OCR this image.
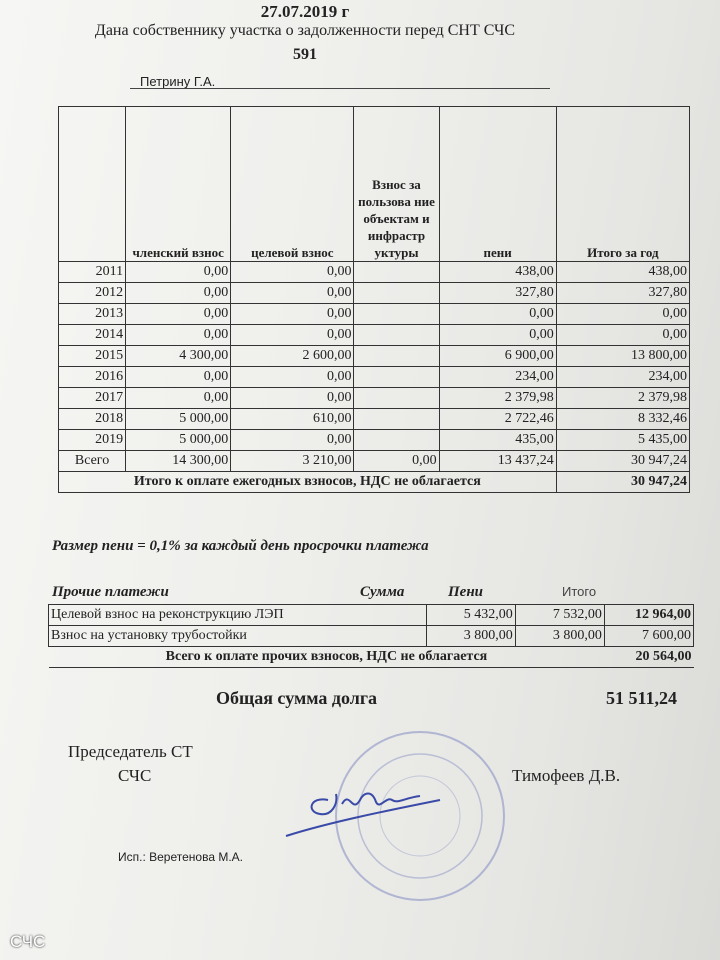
27.07.2019 г
Дана собственнику участка о задолженности перед СНТ СЧС
591
Петрину Г.А.
	членский взнос	целевой взнос	Взнос за пользова ние объектам и инфрастр уктуры	пени	Итого за год
2011	0,00	0,00		438,00	438,00
2012	0,00	0,00		327,80	327,80
2013	0,00	0,00		0,00	0,00
2014	0,00	0,00		0,00	0,00
2015	4 300,00	2 600,00		6 900,00	13 800,00
2016	0,00	0,00		234,00	234,00
2017	0,00	0,00		2 379,98	2 379,98
2018	5 000,00	610,00		2 722,46	8 332,46
2019	5 000,00	0,00		435,00	5 435,00
Всего	14 300,00	3 210,00	0,00	13 437,24	30 947,24
Итого к оплате ежегодных взносов, НДС не облагается					30 947,24
Размер пени = 0,1% за каждый день просрочки платежа
Прочие платежи	Сумма	Пени	Итого
Целевой взнос на реконструкцию ЛЭП	5 432,00	7 532,00	12 964,00
Взнос на установку трубостойки	3 800,00	3 800,00	7 600,00
Всего к оплате прочих взносов, НДС не облагается			20 564,00
Общая сумма долга	51 511,24
Председатель СТ
СЧС	Тимофеев Д.В.
Исп.: Веретенова М.А.
СЧС
